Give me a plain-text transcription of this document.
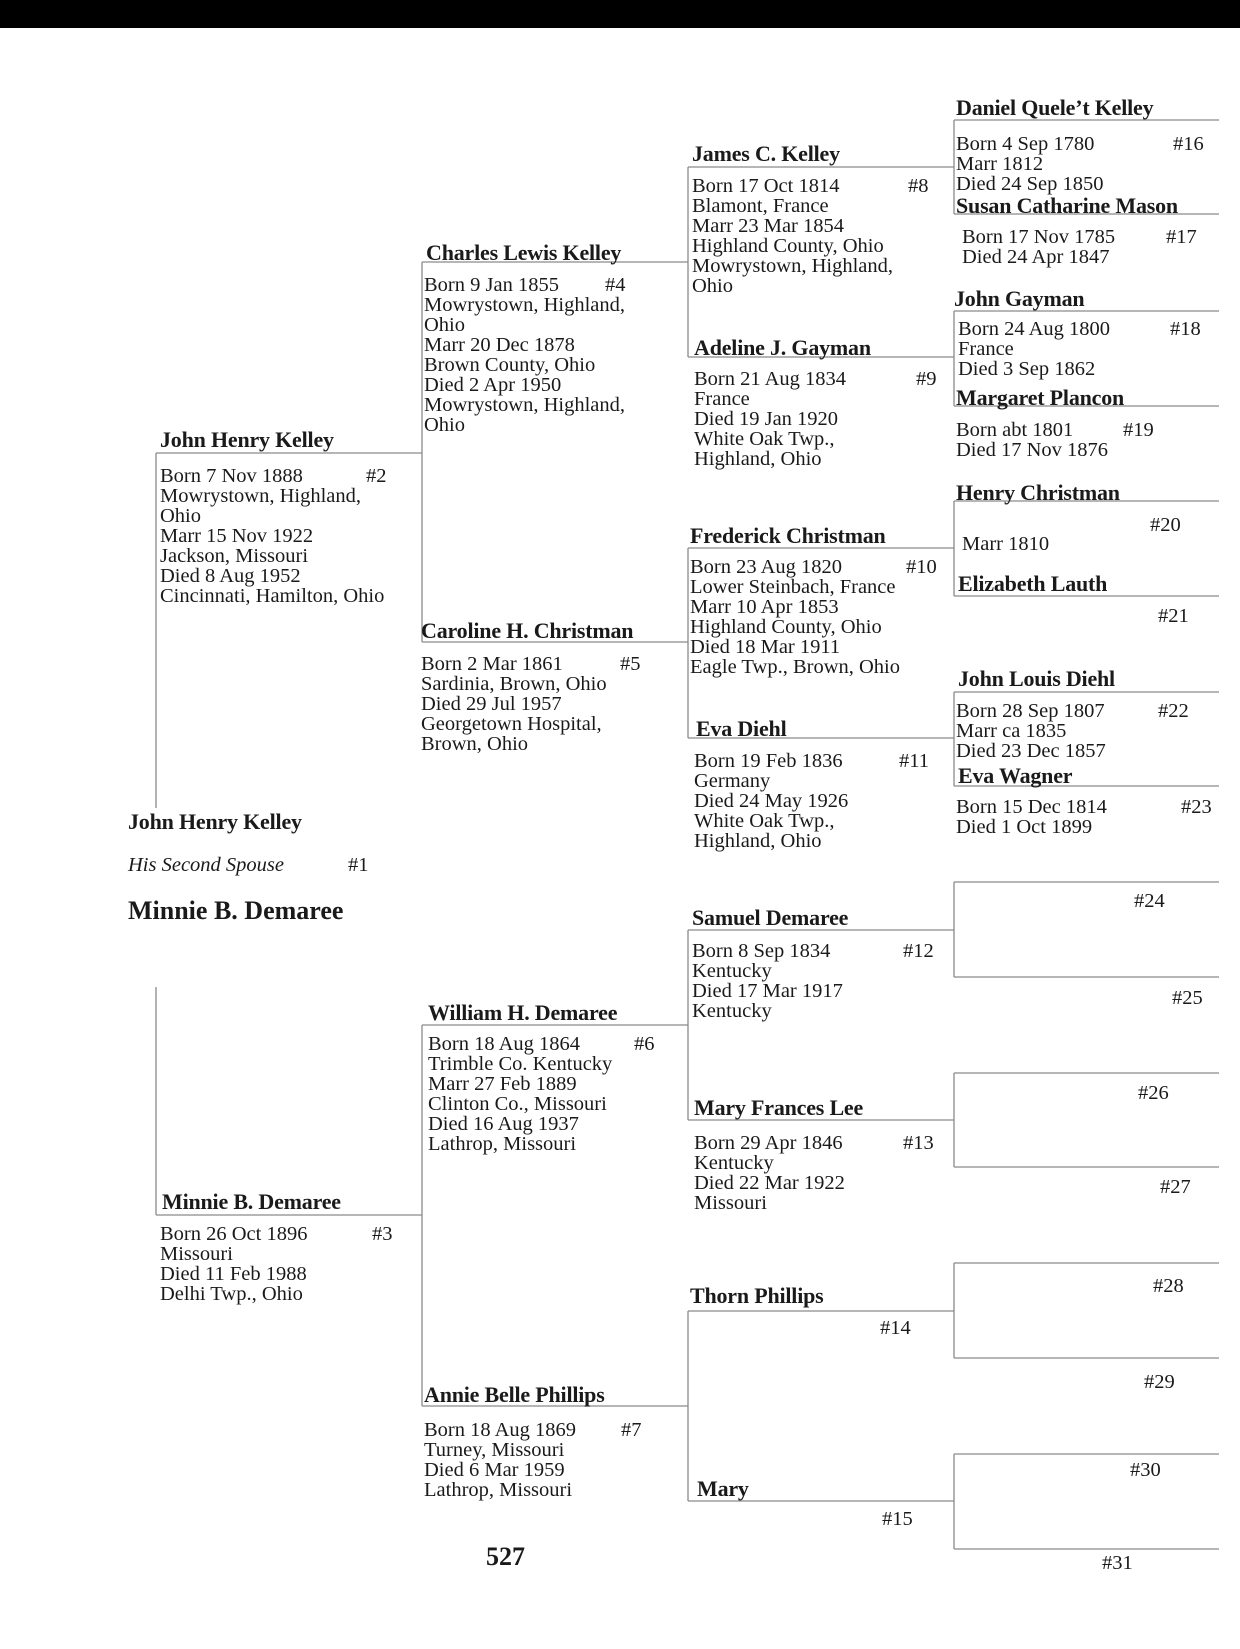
John Henry Kelley
His Second Spouse	#1
Minnie B. Demaree
John Henry Kelley
#2
Born 7 Nov 1888
Mowrystown, Highland,
Ohio
Marr 15 Nov 1922
Jackson, Missouri
Died 8 Aug 1952
Cincinnati, Hamilton, Ohio
Minnie B. Demaree
#3
Born 26 Oct 1896
Missouri
Died 11 Feb 1988
Delhi Twp., Ohio
Charles Lewis Kelley
#4
Born 9 Jan 1855
Mowrystown, Highland,
Ohio
Marr 20 Dec 1878
Brown County, Ohio
Died 2 Apr 1950
Mowrystown, Highland,
Ohio
Caroline H. Christman
#5
Born 2 Mar 1861
Sardinia, Brown, Ohio
Died 29 Jul 1957
Georgetown Hospital,
Brown, Ohio
William H. Demaree
#6
Born 18 Aug 1864
Trimble Co. Kentucky
Marr 27 Feb 1889
Clinton Co., Missouri
Died 16 Aug 1937
Lathrop, Missouri
Annie Belle Phillips
#7
Born 18 Aug 1869
Turney, Missouri
Died 6 Mar 1959
Lathrop, Missouri
James C. Kelley
#8
Born 17 Oct 1814
Blamont, France
Marr 23 Mar 1854
Highland County, Ohio
Mowrystown, Highland,
Ohio
Adeline J. Gayman
#9
Born 21 Aug 1834
France
Died 19 Jan 1920
White Oak Twp.,
Highland, Ohio
Frederick Christman
#10
Born 23 Aug 1820
Lower Steinbach, France
Marr 10 Apr 1853
Highland County, Ohio
Died 18 Mar 1911
Eagle Twp., Brown, Ohio
Eva Diehl
#11
Born 19 Feb 1836
Germany
Died 24 May 1926
White Oak Twp.,
Highland, Ohio
Samuel Demaree
#12
Born 8 Sep 1834
Kentucky
Died 17 Mar 1917
Kentucky
Mary Frances Lee
#13
Born 29 Apr 1846
Kentucky
Died 22 Mar 1922
Missouri
Thorn Phillips
#14
Mary
#15
Daniel Quele’t Kelley
#16
Born 4 Sep 1780
Marr 1812
Died 24 Sep 1850
Susan Catharine Mason
#17
Born 17 Nov 1785
Died 24 Apr 1847
John Gayman
#18
Born 24 Aug 1800
France
Died 3 Sep 1862
Margaret Plancon
#19
Born abt 1801
Died 17 Nov 1876
Henry Christman
#20
Marr 1810
Elizabeth Lauth
#21
John Louis Diehl
#22
Born 28 Sep 1807
Marr ca 1835
Died 23 Dec 1857
Eva Wagner
#23
Born 15 Dec 1814
Died 1 Oct 1899
#24
#25
#26
#27
#28
#29
#30
#31
527
